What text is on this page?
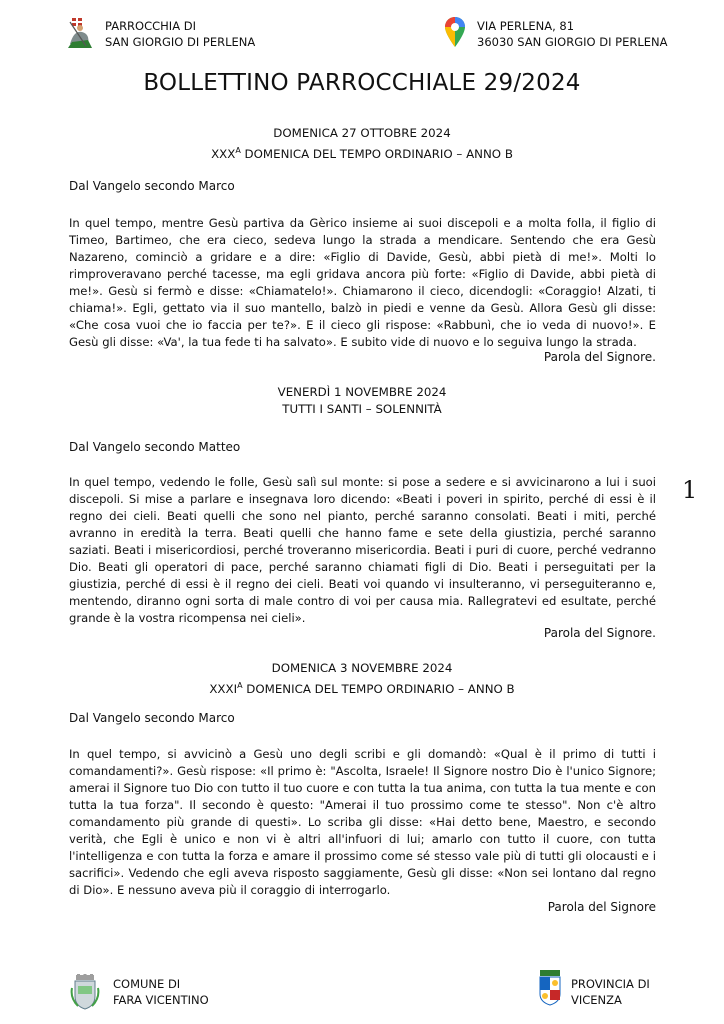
PARROCCHIA DI
SAN GIORGIO DI PERLENA
VIA PERLENA, 81
36030 SAN GIORGIO DI PERLENA
BOLLETTINO PARROCCHIALE 29/2024
DOMENICA 27 OTTOBRE 2024
$XXX^A$ DOMENICA DEL TEMPO ORDINARIO – ANNO B
Dal Vangelo secondo Marco
In quel tempo, mentre Gesù partiva da Gèrico insieme ai suoi discepoli e a molta folla, il figlio di Timeo, Bartimeo, che era cieco, sedeva lungo la strada a mendicare. Sentendo che era Gesù Nazareno, cominciò a gridare e a dire: «Figlio di Davide, Gesù, abbi pietà di me!». Molti lo rimproveravano perché tacesse, ma egli gridava ancora più forte: «Figlio di Davide, abbi pietà di me!». Gesù si fermò e disse: «Chiamatelo!». Chiamarono il cieco, dicendogli: «Coraggio! Alzati, ti chiama!». Egli, gettato via il suo mantello, balzò in piedi e venne da Gesù. Allora Gesù gli disse: «Che cosa vuoi che io faccia per te?». E il cieco gli rispose: «Rabbunì, che io veda di nuovo!». E Gesù gli disse: «Va', la tua fede ti ha salvato». E subito vide di nuovo e lo seguiva lungo la strada.
Parola del Signore.
VENERDÌ 1 NOVEMBRE 2024
TUTTI I SANTI – SOLENNITÀ
Dal Vangelo secondo Matteo
In quel tempo, vedendo le folle, Gesù salì sul monte: si pose a sedere e si avvicinarono a lui i suoi discepoli. Si mise a parlare e insegnava loro dicendo: «Beati i poveri in spirito, perché di essi è il regno dei cieli. Beati quelli che sono nel pianto, perché saranno consolati. Beati i miti, perché avranno in eredità la terra. Beati quelli che hanno fame e sete della giustizia, perché saranno saziati. Beati i misericordiosi, perché troveranno misericordia. Beati i puri di cuore, perché vedranno Dio. Beati gli operatori di pace, perché saranno chiamati figli di Dio. Beati i perseguitati per la giustizia, perché di essi è il regno dei cieli. Beati voi quando vi insulteranno, vi perseguiteranno e, mentendo, diranno ogni sorta di male contro di voi per causa mia. Rallegratevi ed esultate, perché grande è la vostra ricompensa nei cieli».
Parola del Signore.
DOMENICA 3 NOVEMBRE 2024
$XXXI^A$ DOMENICA DEL TEMPO ORDINARIO – ANNO B
Dal Vangelo secondo Marco
In quel tempo, si avvicinò a Gesù uno degli scribi e gli domandò: «Qual è il primo di tutti i comandamenti?». Gesù rispose: «Il primo è: "Ascolta, Israele! Il Signore nostro Dio è l'unico Signore; amerai il Signore tuo Dio con tutto il tuo cuore e con tutta la tua anima, con tutta la tua mente e con tutta la tua forza". Il secondo è questo: "Amerai il tuo prossimo come te stesso". Non c'è altro comandamento più grande di questi». Lo scriba gli disse: «Hai detto bene, Maestro, e secondo verità, che Egli è unico e non vi è altri all'infuori di lui; amarlo con tutto il cuore, con tutta l'intelligenza e con tutta la forza e amare il prossimo come sé stesso vale più di tutti gli olocausti e i sacrifici». Vedendo che egli aveva risposto saggiamente, Gesù gli disse: «Non sei lontano dal regno di Dio». E nessuno aveva più il coraggio di interrogarlo.
Parola del Signore
1
COMUNE DI
FARA VICENTINO
PROVINCIA DI
VICENZA
